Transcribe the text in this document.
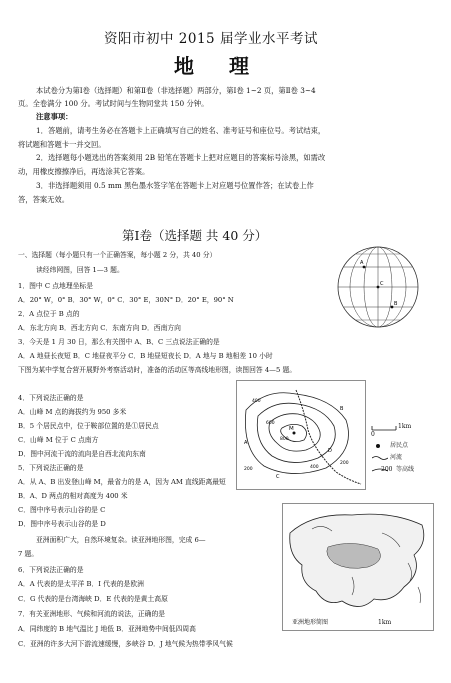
资阳市初中 2015 届学业水平考试
地 理
本试卷分为第Ⅰ卷（选择题）和第Ⅱ卷（非选择题）两部分，第Ⅰ卷 1~2 页，第Ⅱ卷 3~4
页。全卷满分 100 分。考试时间与生物同堂共 150 分钟。
注意事项：
1．答题前，请考生务必在答题卡上正确填写自己的姓名、准考证号和座位号。考试结束，
将试题和答题卡一并交回。
2．选择题每小题选出的答案须用 2B 铅笔在答题卡上把对应题目的答案标号涂黑，如需改
动，用橡皮擦擦净后，再选涂其它答案。
3．非选择题须用 0.5 mm 黑色墨水签字笔在答题卡上对应题号位置作答；在试卷上作
答，答案无效。
第Ⅰ卷（选择题 共 40 分）
一、选择题（每小题只有一个正确答案，每小题 2 分，共 40 分）
读经纬网图，回答 1—3 题。
1．图中 C 点地理坐标是
A．20° W，0° B．30° W，0° C．30° E，30N° D．20° E，90° N
2．A 点位于 B 点的
A．东北方向 B．西北方向 C．东南方向 D．西南方向
3．今天是 1 月 30 日，那么有关图中 A、B、C 三点说法正确的是
A．A 地昼长夜短 B．C 地昼夜平分 C．B 地昼短夜长 D．A 地与 B 地相差 10 小时
下图为某中学复合营开展野外考察活动时，准备的活动区等高线地形图，读图回答 4—5 题。
4．下列说法正确的是
A．山峰 M 点的海拔约为 950 多米
B．5 个居民点中，位于鞍部位置的是①居民点
C．山峰 M 位于 C 点南方
D．图中河流干流的流向是自西北流向东南
5．下列说法正确的是
A．从 A、B 出发登山峰 M，最省力的是 A，因为 AM 直线距离最短
B．A、D 两点的相对高度为 400 米
C．图中序号表示山谷的是 C
D．图中序号表示山谷的是 D
亚洲面积广大，自然环境复杂。读亚洲地形图，完成 6—
7 题。
6．下列说法正确的是
A．A 代表的是太平洋 B．I 代表的是欧洲
C．G 代表的是台湾海峡 D．E 代表的是黄土高原
7．有关亚洲地形、气候和河流的说法，正确的是
A．同纬度的 B 地气温比 J 地低 B．亚洲地势中间低四周高
C．亚洲的许多大河下游流速缓慢，多峡谷 D．J 地气候为热带季风气候
A
B
C
M
A
B
C
D
400
600
800
400
200
200
0
1km
居民点
河流
200 等高线
亚洲地形简图	1km
